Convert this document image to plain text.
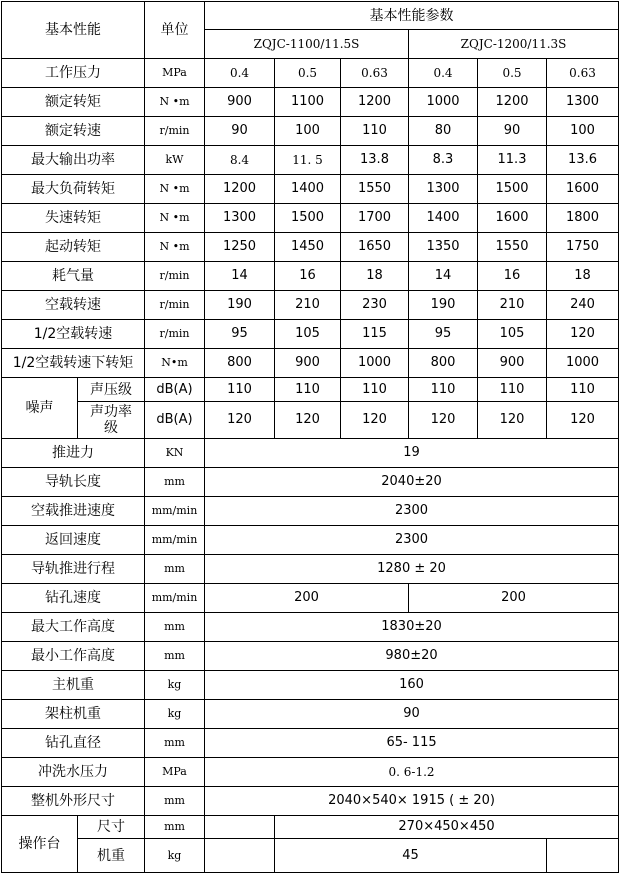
基本性能		单位	基本性能参数					
			ZQJC-1100/11.5S			ZQJC-1200/11.3S		
工作压力		MPa	0.4	0.5	0.63	0.4	0.5	0.63
额定转矩		N •m	900	1100	1200	1000	1200	1300
额定转速		r/min	90	100	110	80	90	100
最大输出功率		kW	8.4	11. 5	13.8	8.3	11.3	13.6
最大负荷转矩		N •m	1200	1400	1550	1300	1500	1600
失速转矩		N •m	1300	1500	1700	1400	1600	1800
起动转矩		N •m	1250	1450	1650	1350	1550	1750
耗气量		r/min	14	16	18	14	16	18
空载转速		r/min	190	210	230	190	210	240
1/2空载转速		r/min	95	105	115	95	105	120
1/2空载转速下转矩		N•m	800	900	1000	800	900	1000
噪声	声压级	dB(A)	110	110	110	110	110	110
	声功率级	dB(A)	120	120	120	120	120	120
推进力		KN	19					
导轨长度		mm	2040±20					
空载推进速度		mm/min	2300					
返回速度		mm/min	2300					
导轨推进行程		mm	1280 ± 20					
钻孔速度		mm/min	200			200		
最大工作高度		mm	1830±20					
最小工作高度		mm	980±20					
主机重		kg	160					
架柱机重		kg	90					
钻孔直径		mm	65- 115					
冲洗水压力		MPa	0. 6-1.2					
整机外形尺寸		mm	2040×540× 1915 ( ± 20)					
操作台	尺寸	mm		270×450×450				
	机重	kg		45				
